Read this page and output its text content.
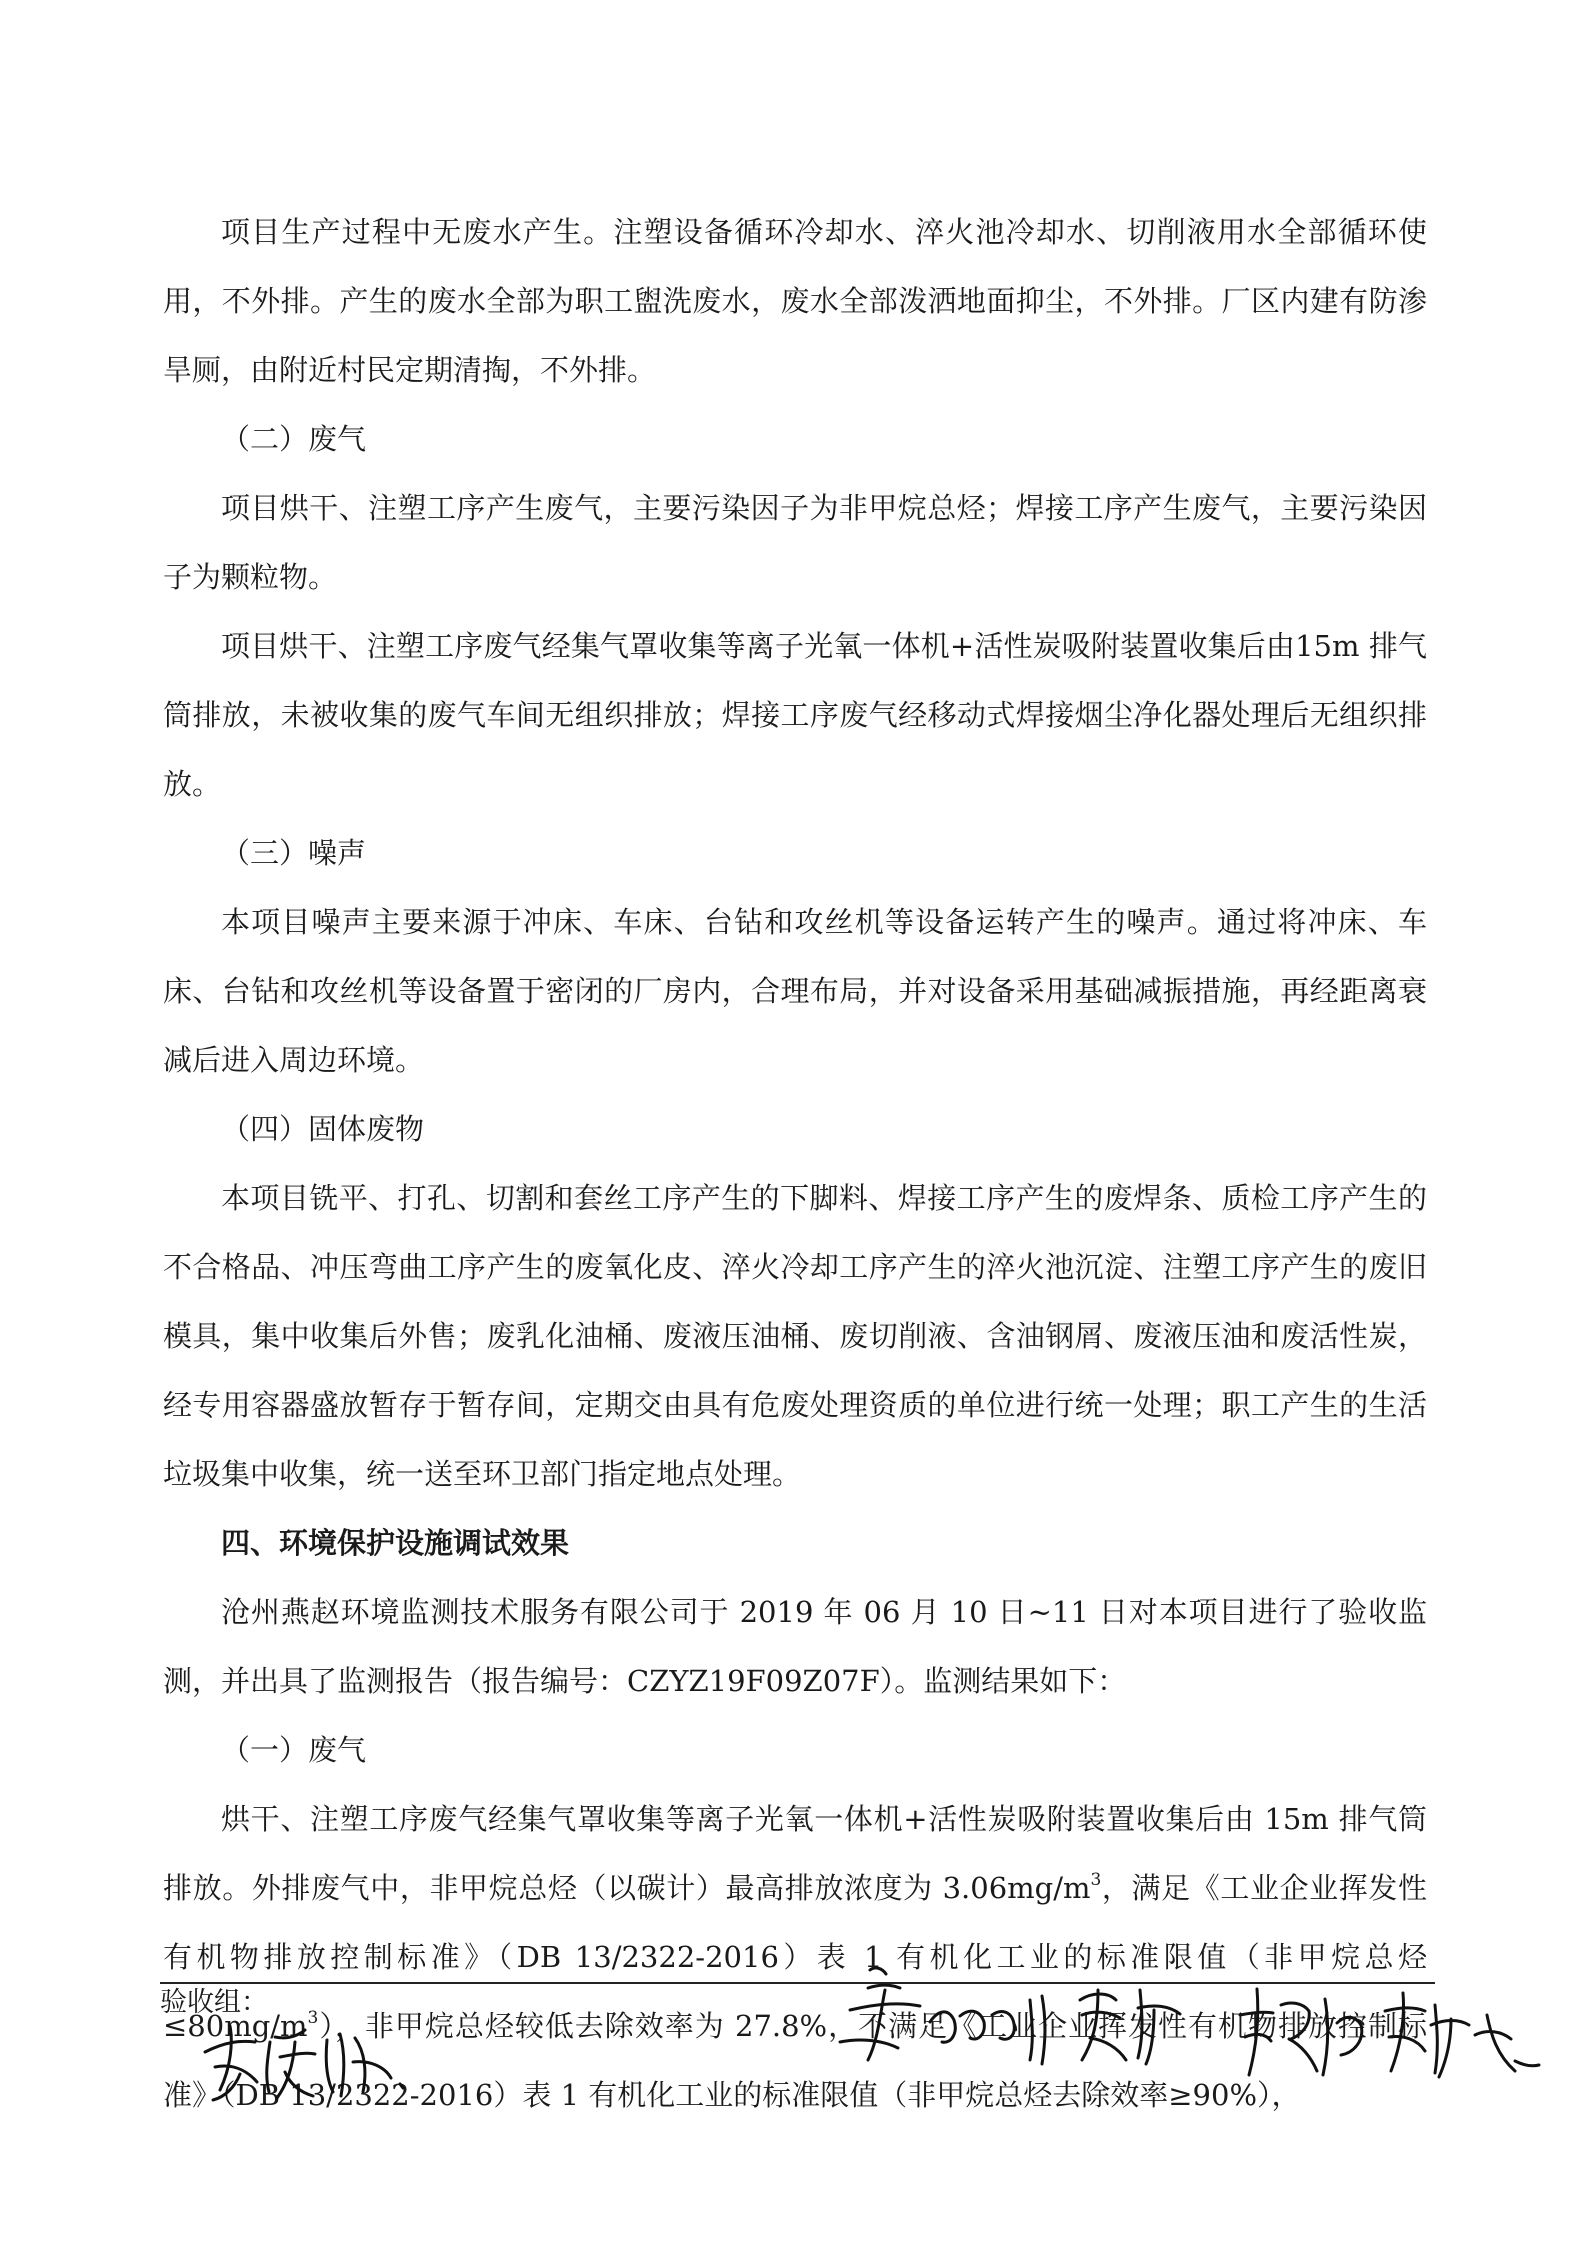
项目生产过程中无废水产生。注塑设备循环冷却水、淬火池冷却水、切削液用水全部循环使用，不外排。产生的废水全部为职工盥洗废水，废水全部泼洒地面抑尘，不外排。厂区内建有防渗旱厕，由附近村民定期清掏，不外排。

（二）废气

项目烘干、注塑工序产生废气，主要污染因子为非甲烷总烃；焊接工序产生废气，主要污染因子为颗粒物。

项目烘干、注塑工序废气经集气罩收集等离子光氧一体机+活性炭吸附装置收集后由15m 排气筒排放，未被收集的废气车间无组织排放；焊接工序废气经移动式焊接烟尘净化器处理后无组织排放。

（三）噪声

本项目噪声主要来源于冲床、车床、台钻和攻丝机等设备运转产生的噪声。通过将冲床、车床、台钻和攻丝机等设备置于密闭的厂房内，合理布局，并对设备采用基础减振措施，再经距离衰减后进入周边环境。

（四）固体废物

本项目铣平、打孔、切割和套丝工序产生的下脚料、焊接工序产生的废焊条、质检工序产生的不合格品、冲压弯曲工序产生的废氧化皮、淬火冷却工序产生的淬火池沉淀、注塑工序产生的废旧模具，集中收集后外售；废乳化油桶、废液压油桶、废切削液、含油钢屑、废液压油和废活性炭，经专用容器盛放暂存于暂存间，定期交由具有危废处理资质的单位进行统一处理；职工产生的生活垃圾集中收集，统一送至环卫部门指定地点处理。

四、环境保护设施调试效果

沧州燕赵环境监测技术服务有限公司于 2019 年 06 月 10 日~11 日对本项目进行了验收监测，并出具了监测报告（报告编号：CZYZ19F09Z07F）。监测结果如下：

（一）废气

烘干、注塑工序废气经集气罩收集等离子光氧一体机+活性炭吸附装置收集后由 15m 排气筒排放。外排废气中，非甲烷总烃（以碳计）最高排放浓度为 $3.06mg/m^3$，满足《工业企业挥发性有机物排放控制标准》（DB 13/2322-2016）表 1 有机化工业的标准限值（非甲烷总烃$\le 80mg/m^3$），非甲烷总烃较低去除效率为 27.8%，不满足《工业企业挥发性有机物排放控制标准》（DB 13/2322-2016）表 1 有机化工业的标准限值（非甲烷总烃去除效率≥90%），

验收组：
